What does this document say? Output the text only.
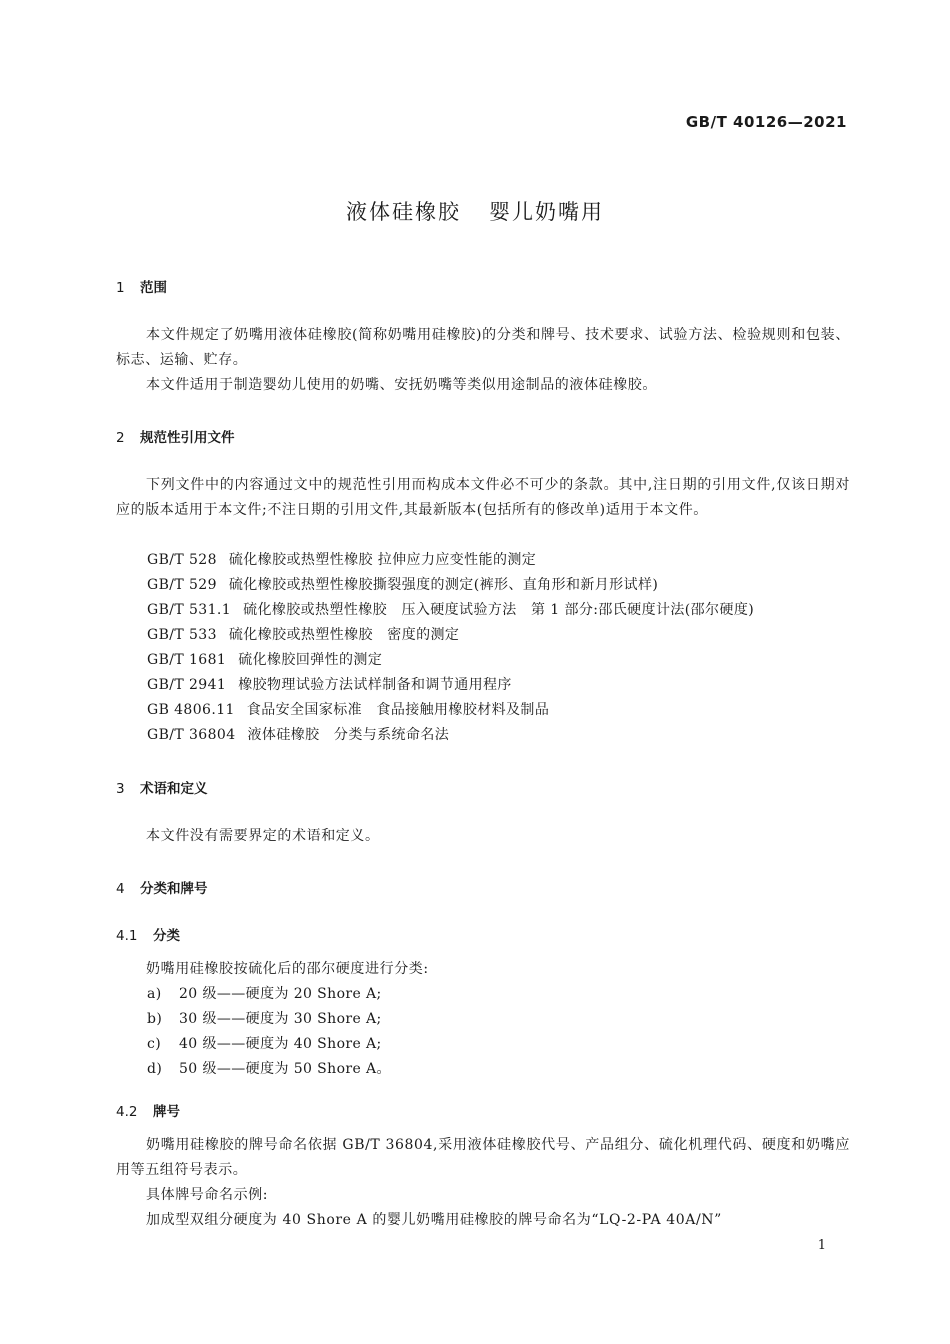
GB/T 40126—2021
液体硅橡胶 婴儿奶嘴用
1 范围
本文件规定了奶嘴用液体硅橡胶(简称奶嘴用硅橡胶)的分类和牌号、技术要求、试验方法、检验规则和包装、标志、运输、贮存。
本文件适用于制造婴幼儿使用的奶嘴、安抚奶嘴等类似用途制品的液体硅橡胶。
2 规范性引用文件
下列文件中的内容通过文中的规范性引用而构成本文件必不可少的条款。其中,注日期的引用文件,仅该日期对应的版本适用于本文件;不注日期的引用文件,其最新版本(包括所有的修改单)适用于本文件。
GB/T 528 硫化橡胶或热塑性橡胶 拉伸应力应变性能的测定
GB/T 529 硫化橡胶或热塑性橡胶撕裂强度的测定(裤形、直角形和新月形试样)
GB/T 531.1 硫化橡胶或热塑性橡胶　压入硬度试验方法　第 1 部分:邵氏硬度计法(邵尔硬度)
GB/T 533 硫化橡胶或热塑性橡胶　密度的测定
GB/T 1681 硫化橡胶回弹性的测定
GB/T 2941 橡胶物理试验方法试样制备和调节通用程序
GB 4806.11 食品安全国家标准　食品接触用橡胶材料及制品
GB/T 36804 液体硅橡胶　分类与系统命名法
3 术语和定义
本文件没有需要界定的术语和定义。
4 分类和牌号
4.1 分类
奶嘴用硅橡胶按硫化后的邵尔硬度进行分类:
a) 20 级——硬度为 20 Shore A;
b) 30 级——硬度为 30 Shore A;
c) 40 级——硬度为 40 Shore A;
d) 50 级——硬度为 50 Shore A。
4.2 牌号
奶嘴用硅橡胶的牌号命名依据 GB/T 36804,采用液体硅橡胶代号、产品组分、硫化机理代码、硬度和奶嘴应用等五组符号表示。
具体牌号命名示例:
加成型双组分硬度为 40 Shore A 的婴儿奶嘴用硅橡胶的牌号命名为“LQ-2-PA 40A/N”
1
